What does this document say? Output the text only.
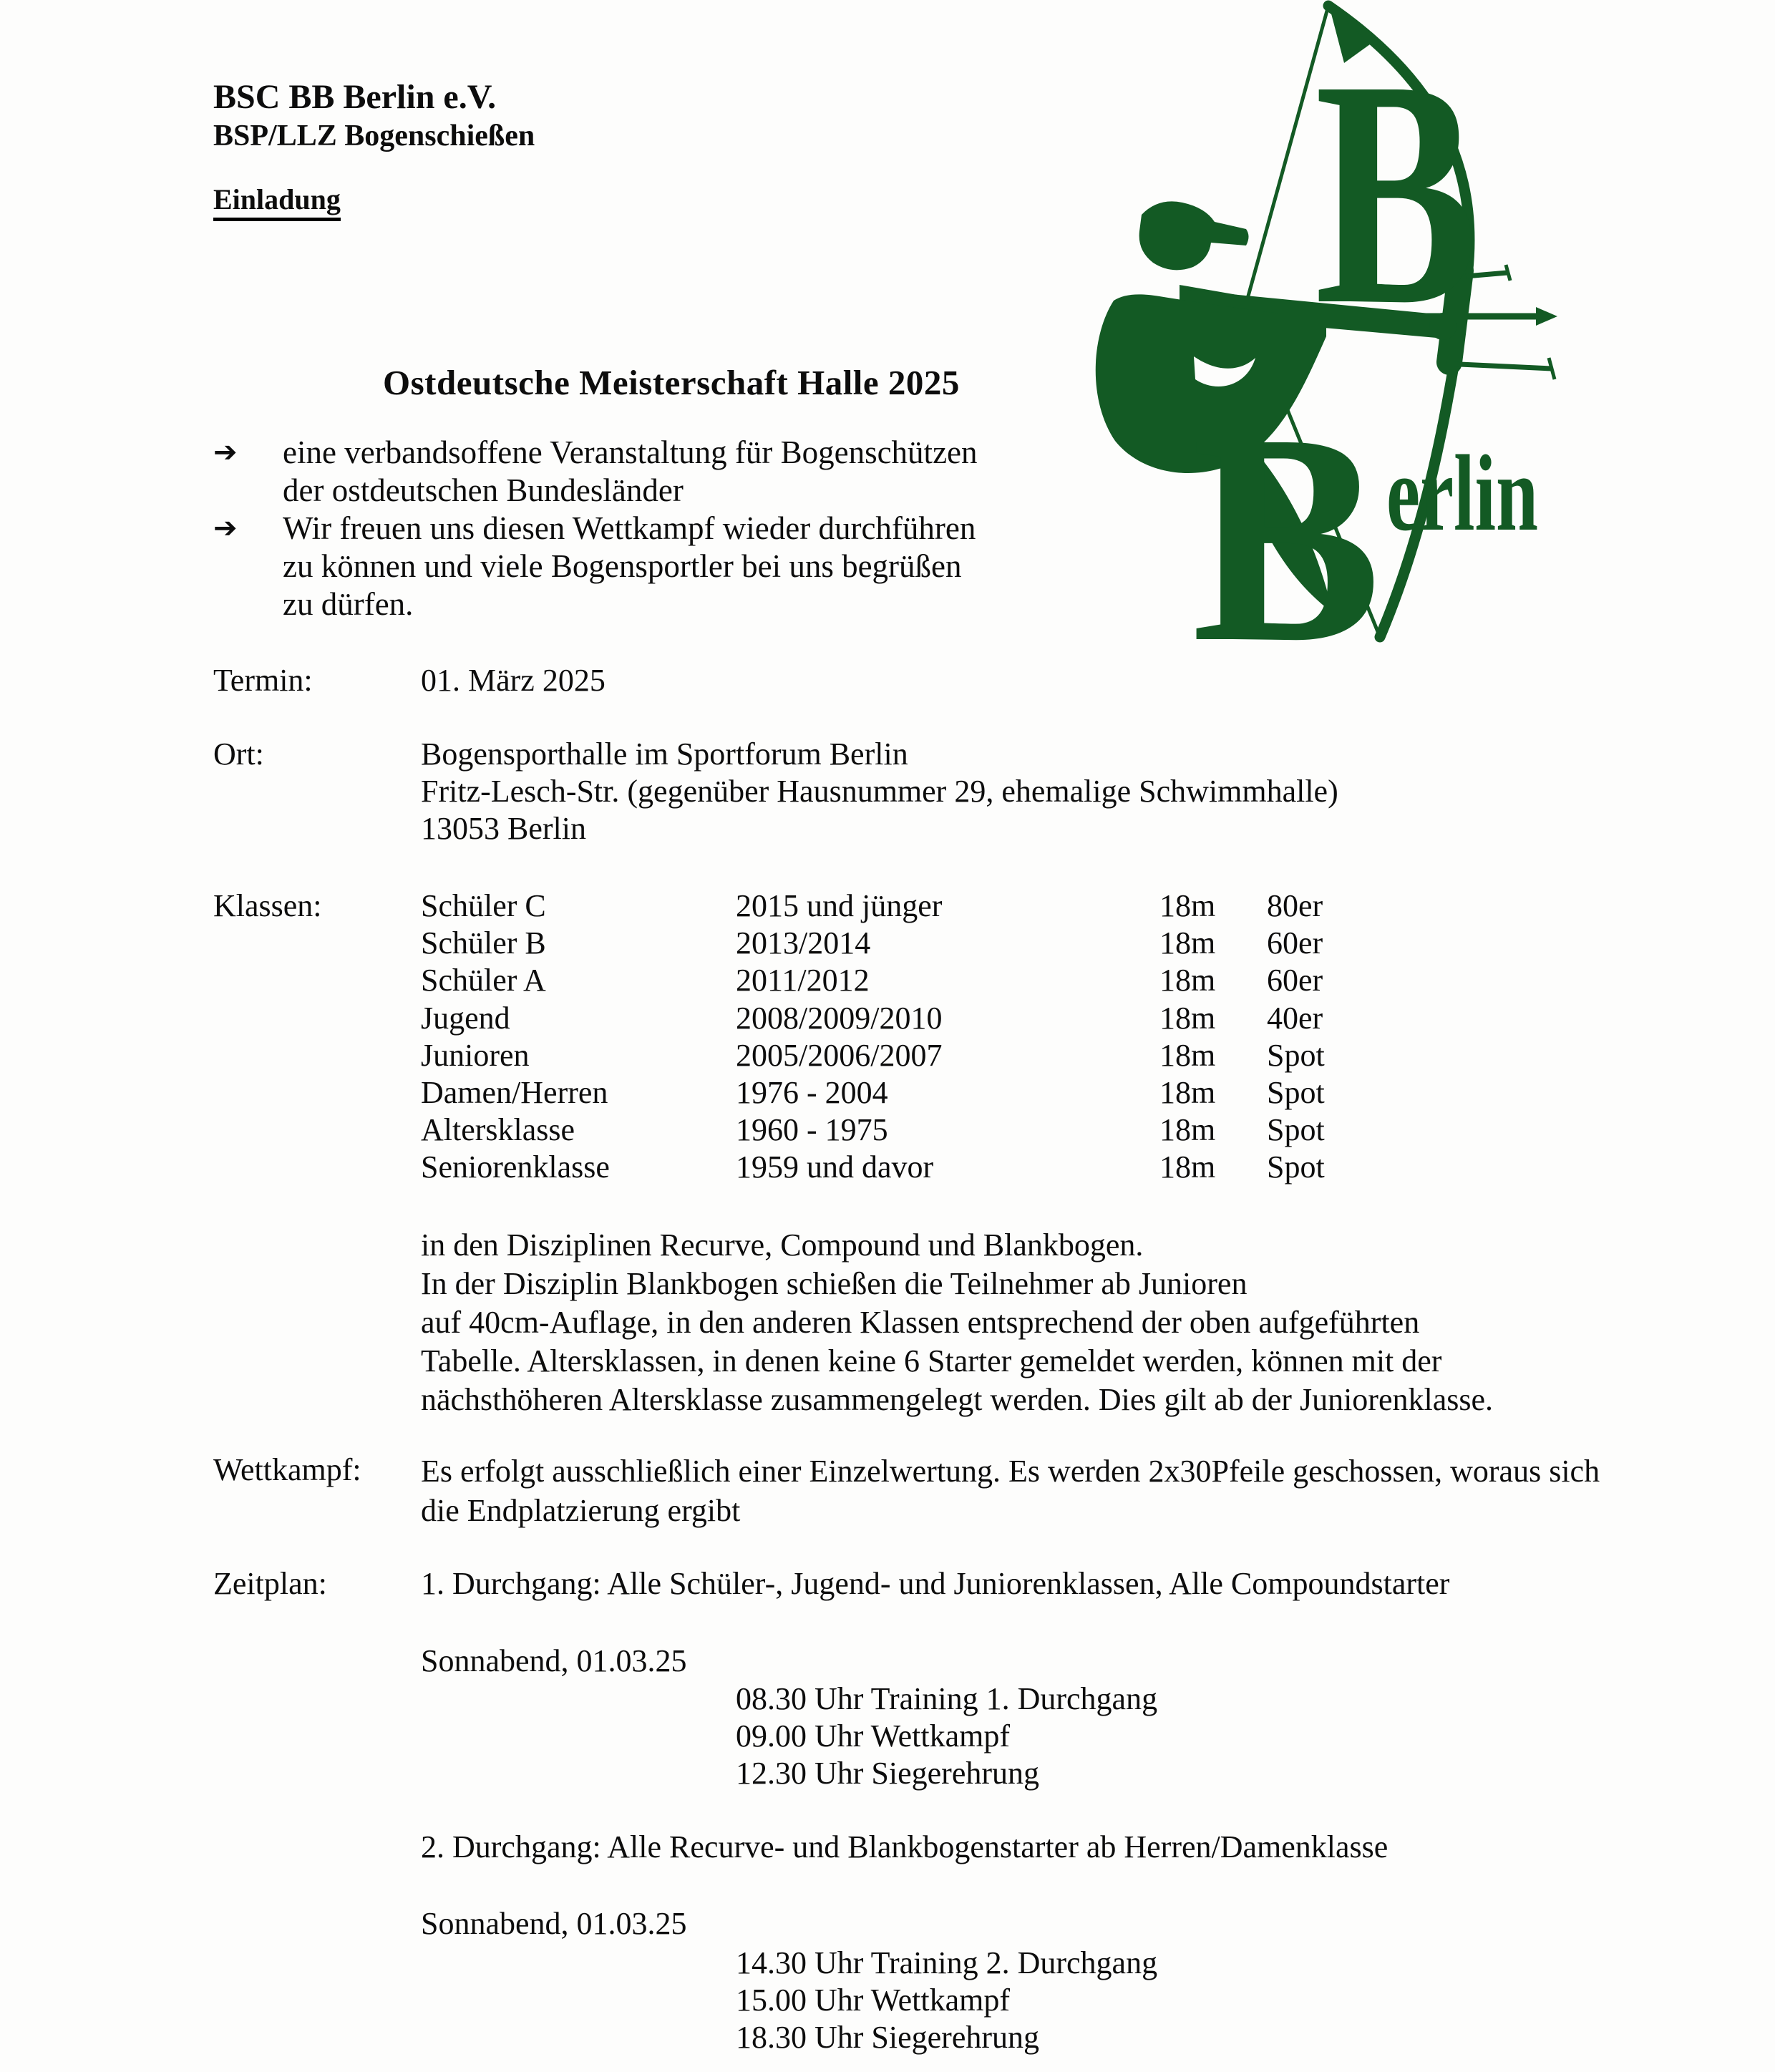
BSC BB Berlin e.V.
BSP/LLZ Bogenschießen
Einladung	B
B erlin
Ostdeutsche Meisterschaft Halle 2025
➔	eine verbandsoffene Veranstaltung für Bogenschützen
der ostdeutschen Bundesländer
➔	Wir freuen uns diesen Wettkampf wieder durchführen
zu können und viele Bogensportler bei uns begrüßen
zu dürfen.
Termin:	01. März 2025
Ort:	Bogensporthalle im Sportforum Berlin
Fritz-Lesch-Str. (gegenüber Hausnummer 29, ehemalige Schwimmhalle)
13053 Berlin
Klassen:	Schüler C	2015 und jünger	18m 80er
Schüler B	2013/2014	18m 60er
Schüler A	2011/2012	18m 60er
Jugend	2008/2009/2010	18m 40er
Junioren	2005/2006/2007	18m Spot
Damen/Herren	1976 - 2004	18m Spot
Altersklasse	1960 - 1975	18m Spot
Seniorenklasse	1959 und davor	18m Spot
in den Disziplinen Recurve, Compound und Blankbogen.
In der Disziplin Blankbogen schießen die Teilnehmer ab Junioren
auf 40cm-Auflage, in den anderen Klassen entsprechend der oben aufgeführten
Tabelle. Altersklassen, in denen keine 6 Starter gemeldet werden, können mit der
nächsthöheren Altersklasse zusammengelegt werden. Dies gilt ab der Juniorenklasse.
Wettkampf: Es erfolgt ausschließlich einer Einzelwertung. Es werden 2x30Pfeile geschossen, woraus sich
die Endplatzierung ergibt
Zeitplan:	1. Durchgang: Alle Schüler-, Jugend- und Juniorenklassen, Alle Compoundstarter
Sonnabend, 01.03.25
08.30 Uhr Training 1. Durchgang
09.00 Uhr Wettkampf
12.30 Uhr Siegerehrung
2. Durchgang: Alle Recurve- und Blankbogenstarter ab Herren/Damenklasse
Sonnabend, 01.03.25
14.30 Uhr Training 2. Durchgang
15.00 Uhr Wettkampf
18.30 Uhr Siegerehrung
